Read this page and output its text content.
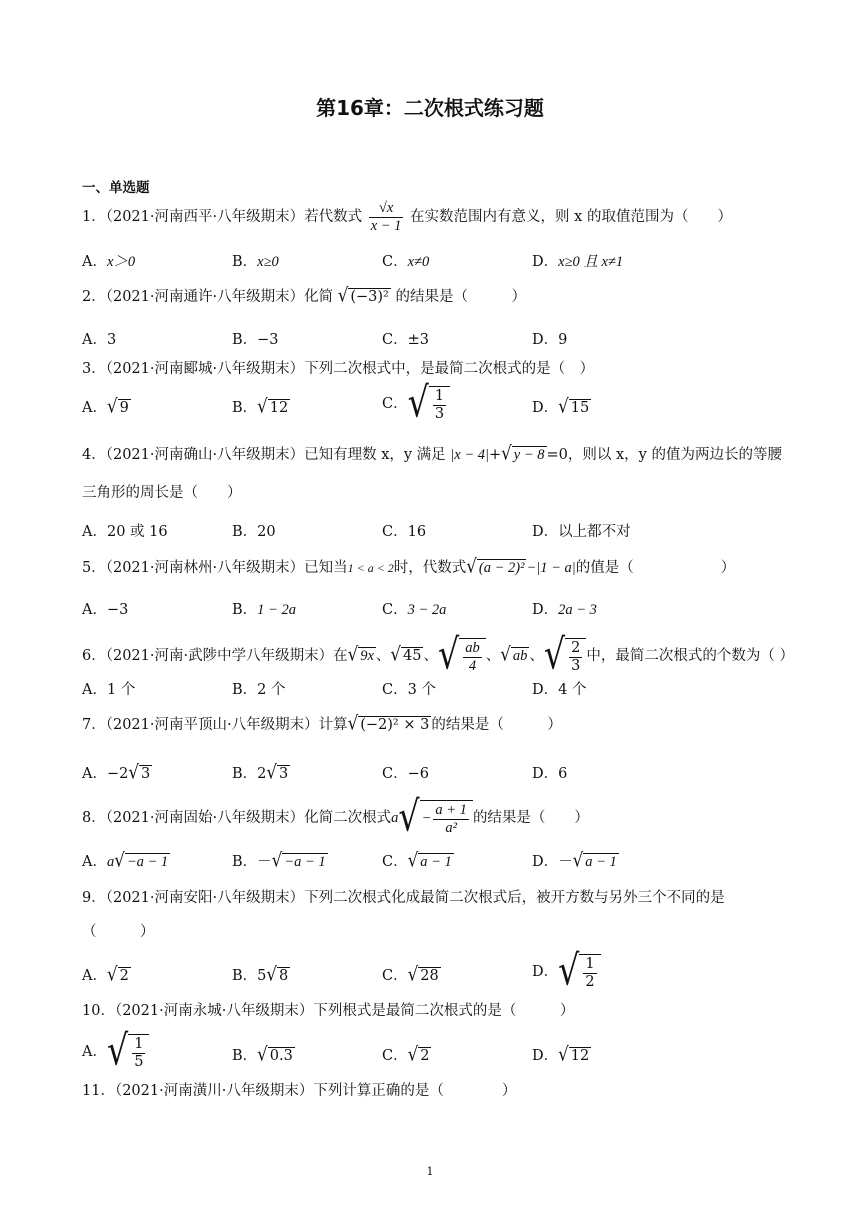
第16章：二次根式练习题
一、单选题
1．（2021·河南西平·八年级期末）若代数式 $\frac{√x}{x - 1}$ 在实数范围内有意义，则 x 的取值范围为（　　）
A．x＞0	B．x≥0	C．x≠0	D．x≥0 且 x≠1
2．（2021·河南通许·八年级期末）化简 √ (−3)² 的结果是（　　　）
A．3	B．−3	C．±3	D．9
3．（2021·河南郾城·八年级期末）下列二次根式中，是最简二次根式的是（　）
A． √ 9	B． √ 12	C． √ $\frac{1}{3}$	D． √ 15
4．（2021·河南确山·八年级期末）已知有理数 x，y 满足 |x − 4|+ √ y − 8 =0，则以 x，y 的值为两边长的等腰
三角形的周长是（　　）
A．20 或 16	B．20	C．16	D．以上都不对
5．（2021·河南林州·八年级期末）已知当1 < a < 2时，代数式 √ (a − 2)² −|1 − a|的值是（　　　　　　）
A．−3	B．1 − 2a	C．3 − 2a	D．2a − 3
6．（2021·河南·武陟中学八年级期末）在 √ 9x 、 √ 45 、 √ $\frac{ab}{4}$ 、 √ ab 、 √ $\frac{2}{3}$ 中，最简二次根式的个数为（ ）
A．1 个	B．2 个	C．3 个	D．4 个
7．（2021·河南平顶山·八年级期末）计算 √ (−2)² × 3 的结果是（　　　）
A．−2 √ 3	B．2 √ 3	C．−6	D．6
8．（2021·河南固始·八年级期末）化简二次根式a √ − $\frac{a + 1}{\text{a²}}$ 的结果是（　　）
A．a √ −a − 1	B．－ √ −a − 1	C． √ a − 1	D．－ √ a − 1
9．（2021·河南安阳·八年级期末）下列二次根式化成最简二次根式后，被开方数与另外三个不同的是
（　　　）
A． √ 2	B．5 √ 8	C． √ 28	D． √ $\frac{1}{2}$
10．（2021·河南永城·八年级期末）下列根式是最简二次根式的是（　　　）
A． √ $\frac{1}{5}$	B． √ 0.3	C． √ 2	D． √ 12
11．（2021·河南潢川·八年级期末）下列计算正确的是（　　　　）
1
